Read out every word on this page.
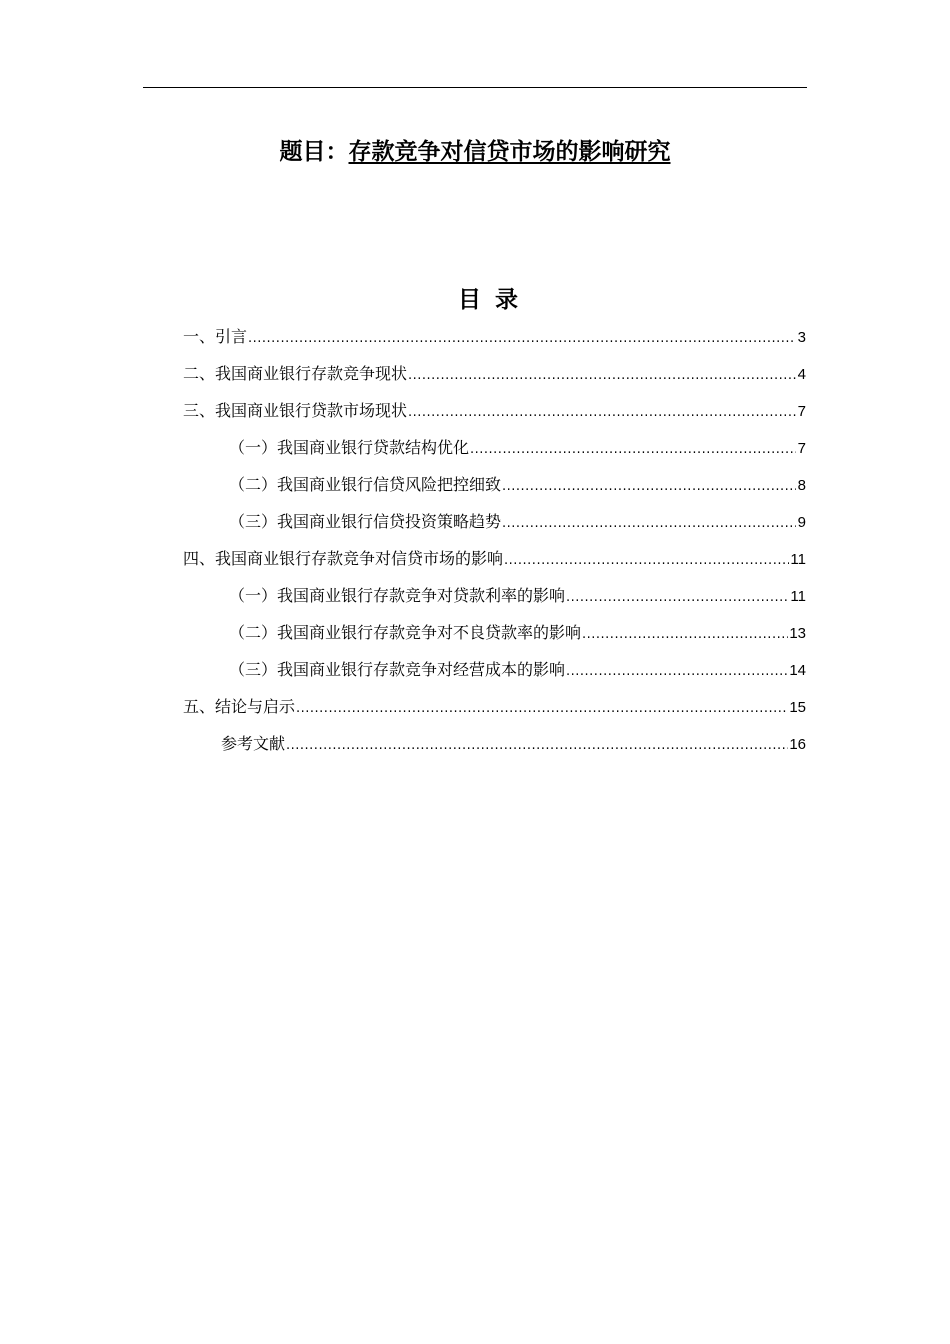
题目：存款竞争对信贷市场的影响研究
目录
一、引言 .....	3
二、我国商业银行存款竞争现状 .....	4
三、我国商业银行贷款市场现状 .....	7
（一）我国商业银行贷款结构优化 .....	7
（二）我国商业银行信贷风险把控细致 .....	8
（三）我国商业银行信贷投资策略趋势 .....	9
四、我国商业银行存款竞争对信贷市场的影响 .....	11
（一）我国商业银行存款竞争对贷款利率的影响 .....	11
（二）我国商业银行存款竞争对不良贷款率的影响 .....	13
（三）我国商业银行存款竞争对经营成本的影响 .....	14
五、结论与启示 .....	15
参考文献 .....	16
